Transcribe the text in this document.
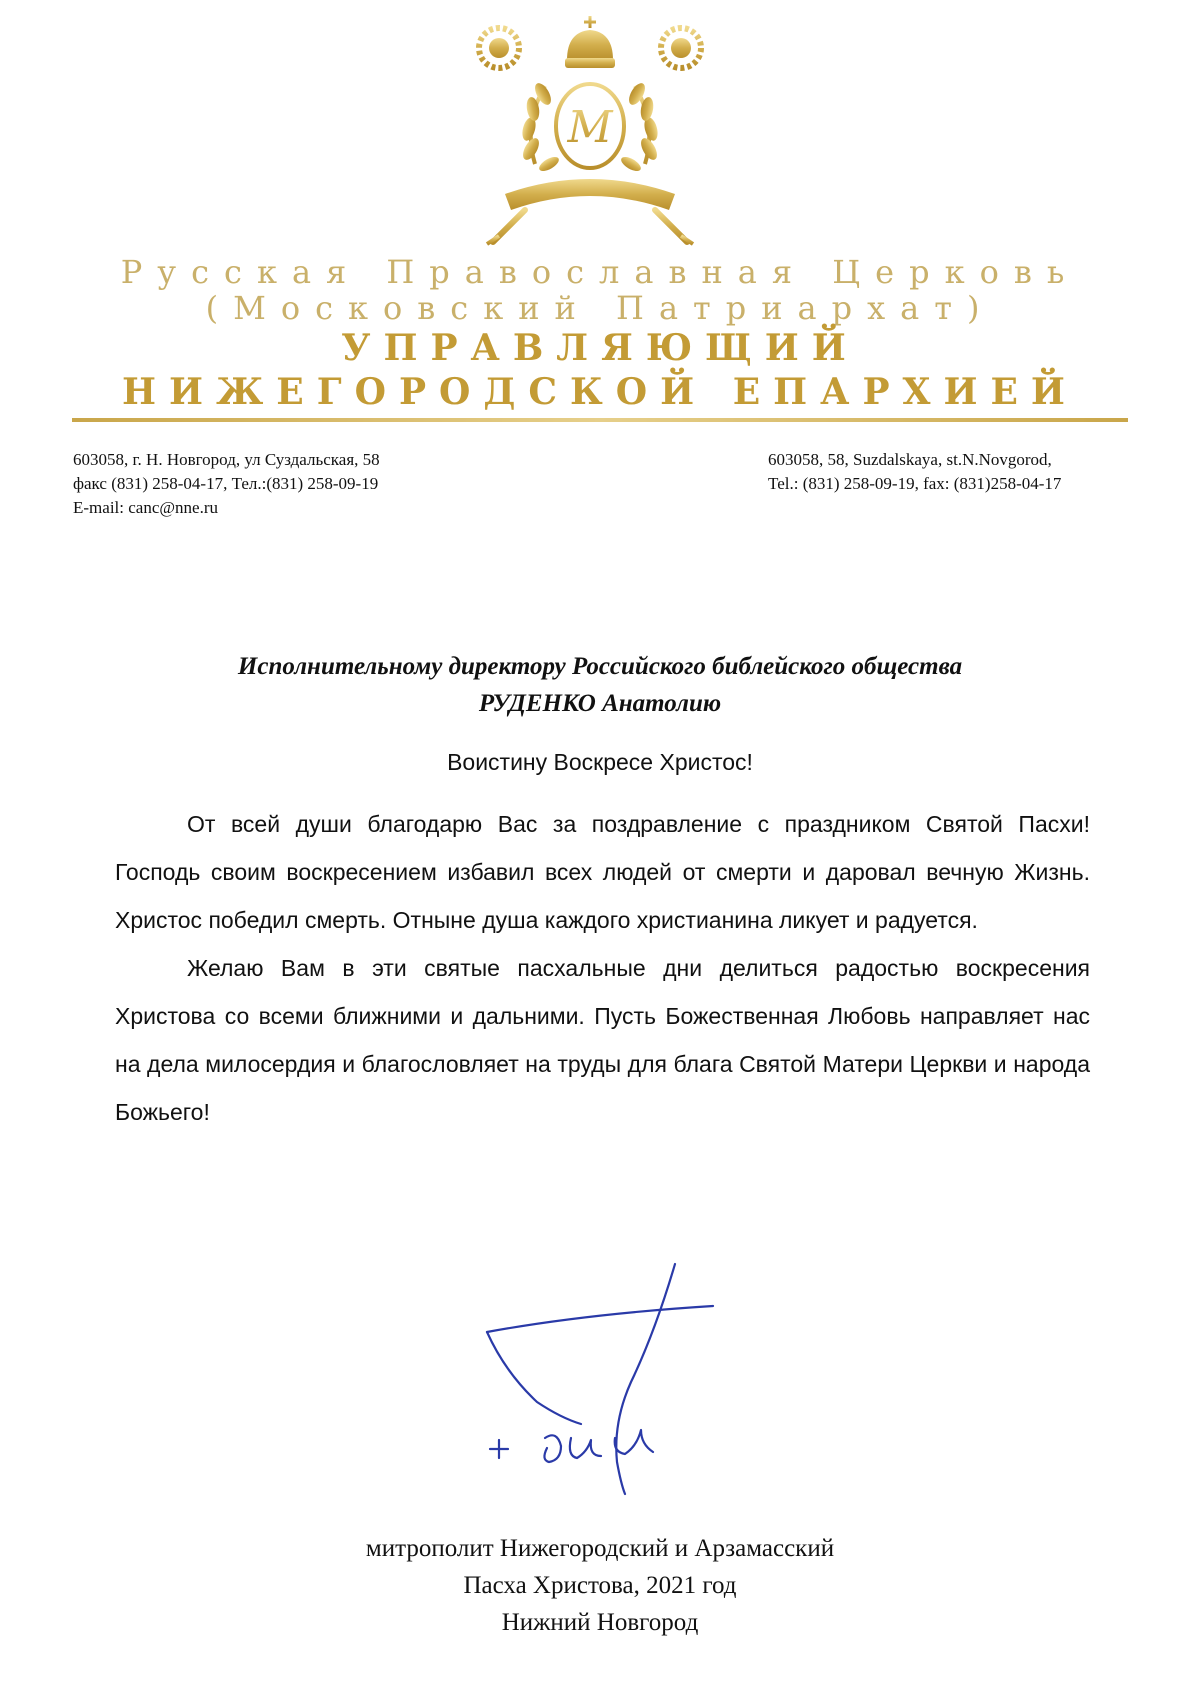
М
Русская Православная Церковь
(Московский Патриархат)
УПРАВЛЯЮЩИЙ
НИЖЕГОРОДСКОЙ ЕПАРХИЕЙ
603058, г. Н. Новгород, ул Суздальская, 58
факс (831) 258-04-17, Тел.:(831) 258-09-19
E-mail: canc@nne.ru
603058, 58, Suzdalskaya, st.N.Novgorod,
Tel.: (831) 258-09-19, fax: (831)258-04-17
Исполнительному директору Российского библейского общества
РУДЕНКО Анатолию
Воистину Воскресе Христос!

От всей души благодарю Вас за поздравление с праздником Святой Пасхи! Господь своим воскресением избавил всех людей от смерти и даровал вечную Жизнь. Христос победил смерть. Отныне душа каждого христианина ликует и радуется.

Желаю Вам в эти святые пасхальные дни делиться радостью воскресения Христова со всеми ближними и дальними. Пусть Божественная Любовь направляет нас на дела милосердия и благословляет на труды для блага Святой Матери Церкви и народа Божьего!

митрополит Нижегородский и Арзамасский
Пасха Христова, 2021 год
Нижний Новгород
